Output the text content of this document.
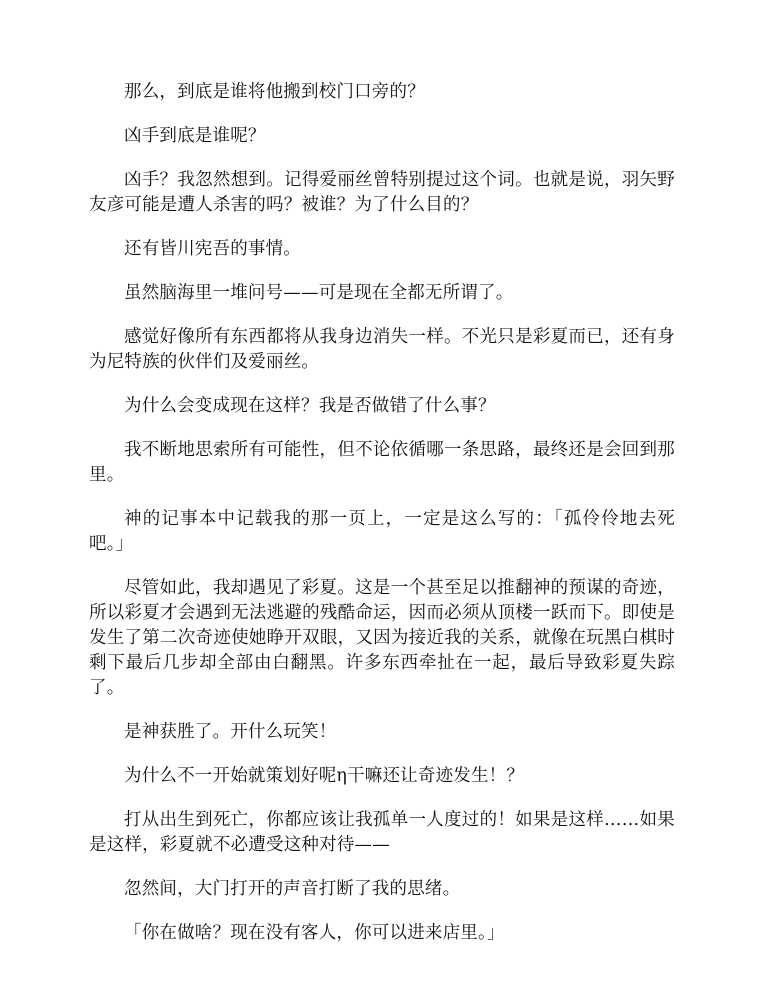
那么，到底是谁将他搬到校门口旁的？

凶手到底是谁呢？

凶手？我忽然想到。记得爱丽丝曾特别提过这个词。也就是说，羽矢野友彦可能是遭人杀害的吗？被谁？为了什么目的？

还有皆川宪吾的事情。

虽然脑海里一堆问号——可是现在全都无所谓了。

感觉好像所有东西都将从我身边消失一样。不光只是彩夏而已，还有身为尼特族的伙伴们及爱丽丝。

为什么会变成现在这样？我是否做错了什么事？

我不断地思索所有可能性，但不论依循哪一条思路，最终还是会回到那里。

神的记事本中记载我的那一页上，一定是这么写的：「孤伶伶地去死吧。」

尽管如此，我却遇见了彩夏。这是一个甚至足以推翻神的预谋的奇迹，所以彩夏才会遇到无法逃避的残酷命运，因而必须从顶楼一跃而下。即使是发生了第二次奇迹使她睁开双眼，又因为接近我的关系，就像在玩黑白棋时剩下最后几步却全部由白翻黑。许多东西牵扯在一起，最后导致彩夏失踪了。

是神获胜了。开什么玩笑！

为什么不一开始就策划好呢η干嘛还让奇迹发生！？

打从出生到死亡，你都应该让我孤单一人度过的！如果是这样……如果是这样，彩夏就不必遭受这种对待——

忽然间，大门打开的声音打断了我的思绪。

「你在做啥？现在没有客人，你可以进来店里。」
